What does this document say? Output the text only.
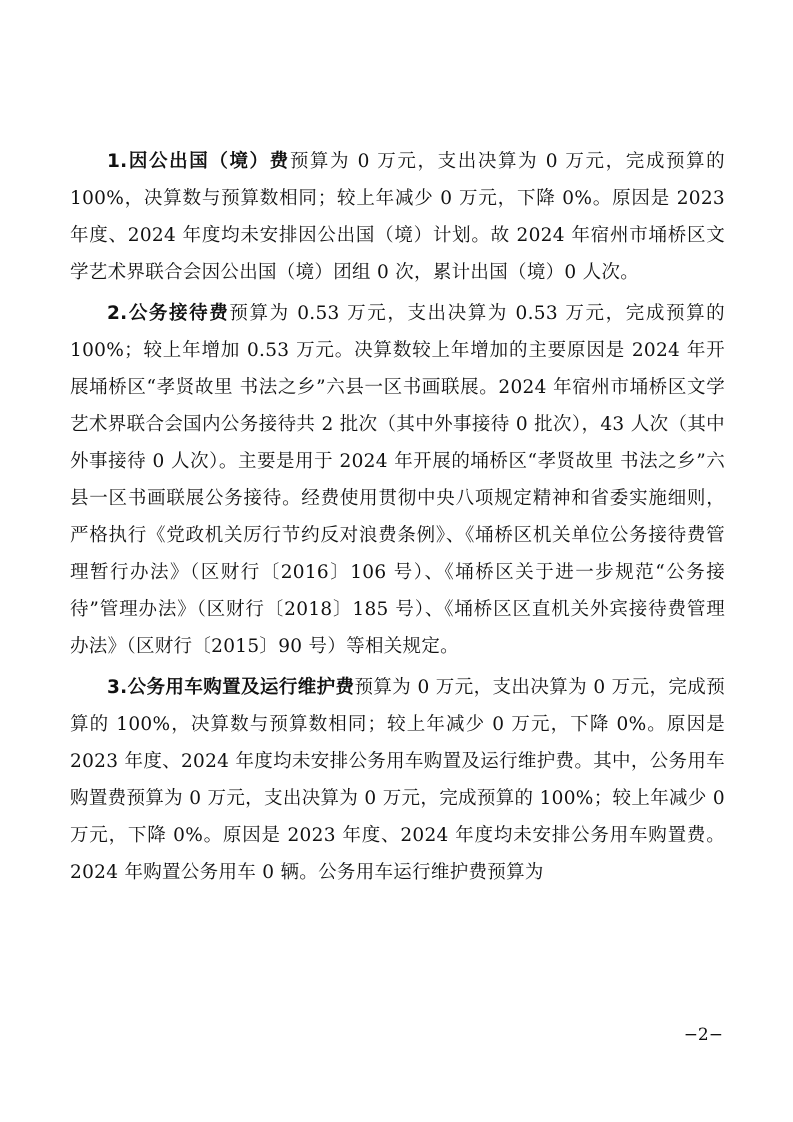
1.因公出国（境）费预算为 0 万元，支出决算为 0 万元，完成预算的 100%，决算数与预算数相同；较上年减少 0 万元，下降 0%。原因是 2023 年度、2024 年度均未安排因公出国（境）计划。故 2024 年宿州市埇桥区文学艺术界联合会因公出国（境）团组 0 次，累计出国（境）0 人次。

2.公务接待费预算为 0.53 万元，支出决算为 0.53 万元，完成预算的 100%；较上年增加 0.53 万元。决算数较上年增加的主要原因是 2024 年开展埇桥区“孝贤故里 书法之乡”六县一区书画联展。2024 年宿州市埇桥区文学艺术界联合会国内公务接待共 2 批次（其中外事接待 0 批次），43 人次（其中外事接待 0 人次）。主要是用于 2024 年开展的埇桥区“孝贤故里 书法之乡”六县一区书画联展公务接待。经费使用贯彻中央八项规定精神和省委实施细则，严格执行《党政机关厉行节约反对浪费条例》、《埇桥区机关单位公务接待费管理暂行办法》（区财行〔2016〕106 号）、《埇桥区关于进一步规范“公务接待”管理办法》（区财行〔2018〕185 号）、《埇桥区区直机关外宾接待费管理办法》（区财行〔2015〕90 号）等相关规定。

3.公务用车购置及运行维护费预算为 0 万元，支出决算为 0 万元，完成预算的 100%，决算数与预算数相同；较上年减少 0 万元，下降 0%。原因是 2023 年度、2024 年度均未安排公务用车购置及运行维护费。其中，公务用车购置费预算为 0 万元，支出决算为 0 万元，完成预算的 100%；较上年减少 0 万元，下降 0%。原因是 2023 年度、2024 年度均未安排公务用车购置费。2024 年购置公务用车 0 辆。公务用车运行维护费预算为

−2−
